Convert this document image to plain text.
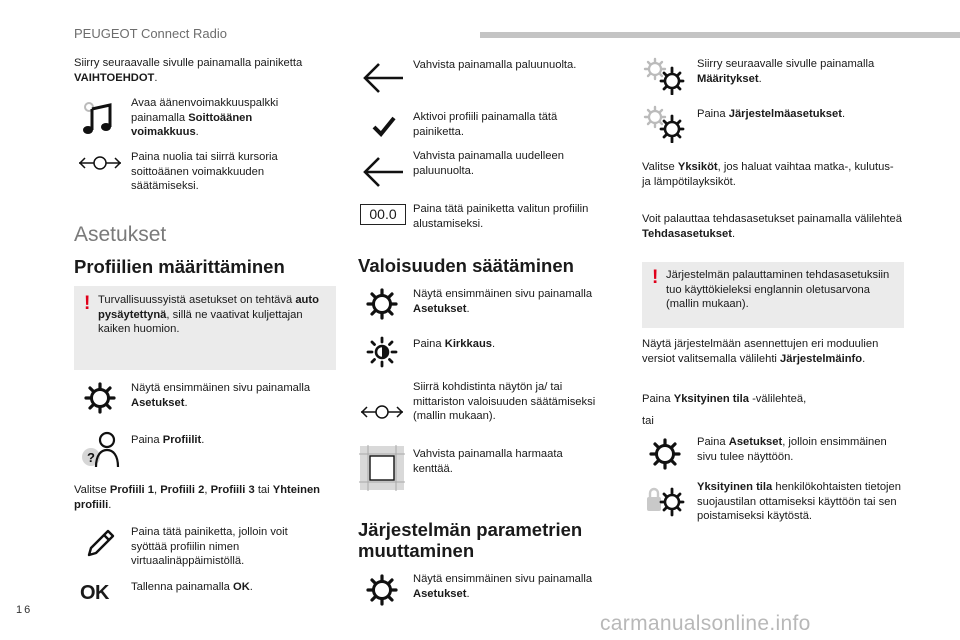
PEUGEOT Connect Radio
Siirry seuraavalle sivulle painamalla painiketta VAIHTOEHDOT.
Avaa äänenvoimakkuuspalkki painamalla Soittoäänen voimakkuus.
Paina nuolia tai siirrä kursoria soittoäänen voimakkuuden säätämiseksi.
Asetukset
Profiilien määrittäminen
! Turvallisuussyistä asetukset on tehtävä auto pysäytettynä, sillä ne vaativat kuljettajan kaiken huomion.
Näytä ensimmäinen sivu painamalla Asetukset.
?
Paina Profiilit.
Valitse Profiili 1, Profiili 2, Profiili 3 tai Yhteinen profiili.
Paina tätä painiketta, jolloin voit syöttää profiilin nimen virtuaalinäppäimistöllä.
OK Tallenna painamalla OK.
Vahvista painamalla paluunuolta.
Aktivoi profiili painamalla tätä painiketta.
Vahvista painamalla uudelleen paluunuolta.
00.0	Paina tätä painiketta valitun profiilin alustamiseksi.
Valoisuuden säätäminen
Näytä ensimmäinen sivu painamalla Asetukset.
Paina Kirkkaus.
Siirrä kohdistinta näytön ja/ tai mittariston valoisuuden säätämiseksi (mallin mukaan).
Vahvista painamalla harmaata kenttää.
Järjestelmän parametrien
muuttaminen
Näytä ensimmäinen sivu painamalla Asetukset.
Siirry seuraavalle sivulle painamalla Määritykset.
Paina Järjestelmäasetukset.
Valitse Yksiköt, jos haluat vaihtaa matka-, kulutus- ja lämpötilayksiköt.
Voit palauttaa tehdasasetukset painamalla välilehteä Tehdasasetukset.
! Järjestelmän palauttaminen tehdasasetuksiin tuo käyttökieleksi englannin oletusarvona (mallin mukaan).
Näytä järjestelmään asennettujen eri moduulien versiot valitsemalla välilehti Järjestelmäinfo.
Paina Yksityinen tila -välilehteä,
tai
Paina Asetukset, jolloin ensimmäinen sivu tulee näyttöön.
Yksityinen tila henkilökohtaisten tietojen suojaustilan ottamiseksi käyttöön tai sen poistamiseksi käytöstä.
16
carmanualsonline.info
